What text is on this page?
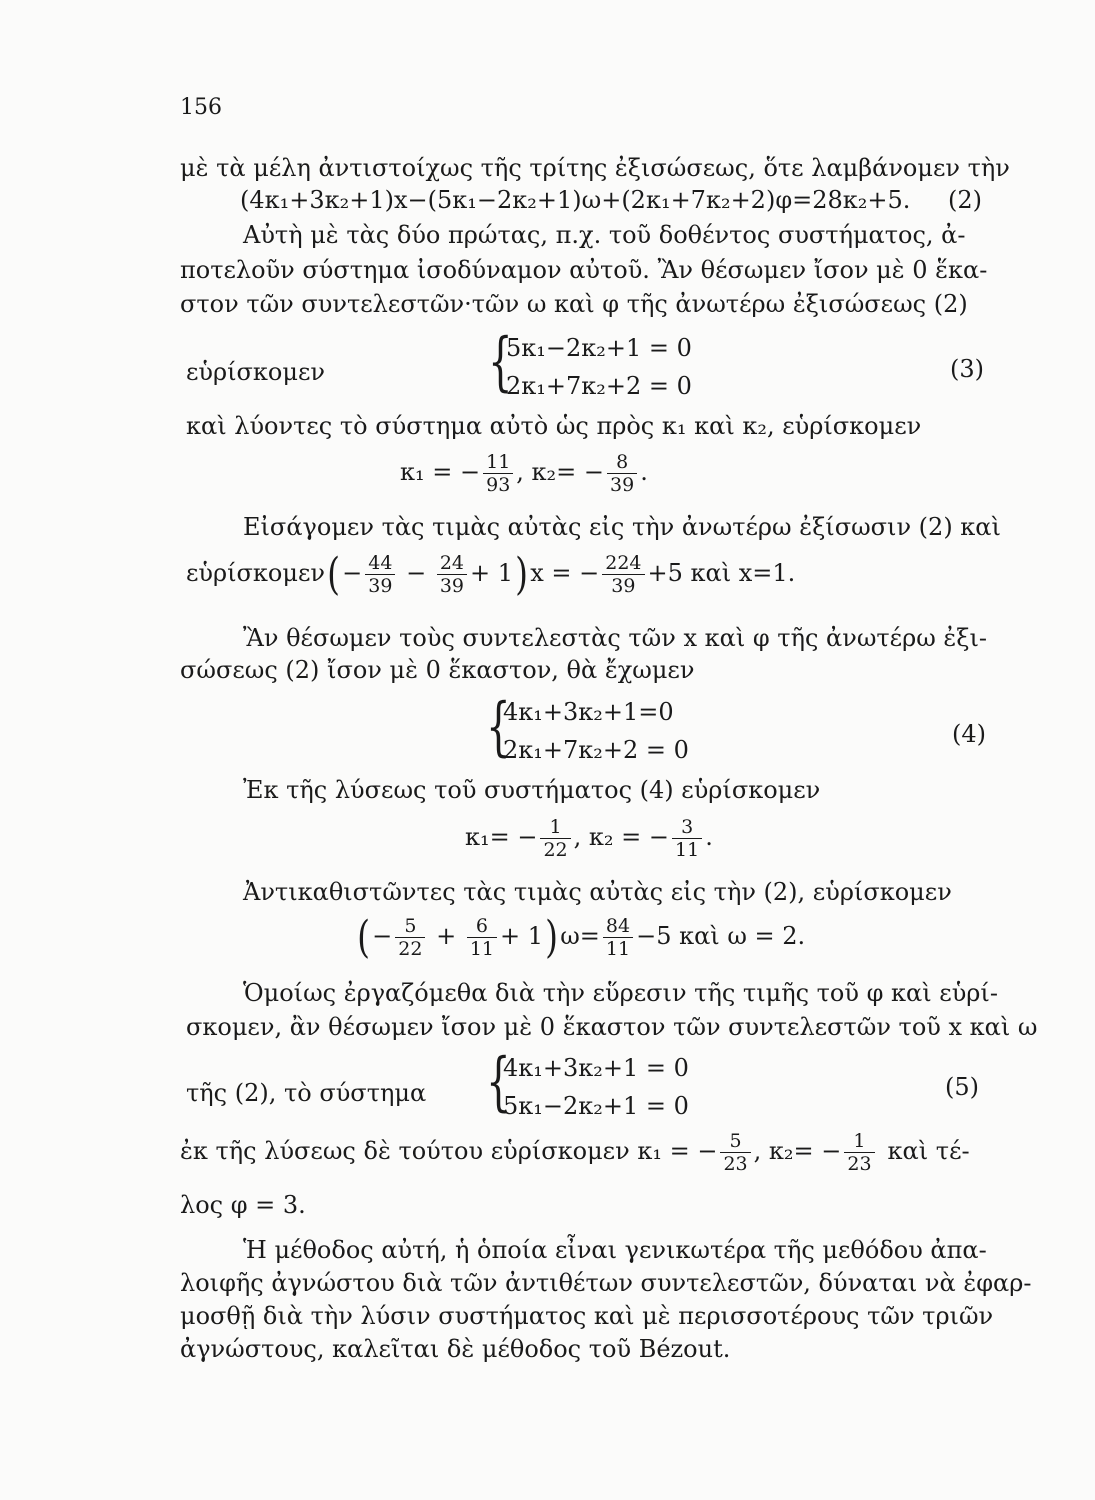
156
μὲ τὰ μέλη ἀντιστοίχως τῆς τρίτης ἐξισώσεως, ὅτε λαμβάνομεν τὴν
(4κ₁+3κ₂+1)x−(5κ₁−2κ₂+1)ω+(2κ₁+7κ₂+2)φ=28κ₂+5. (2)
Αὐτὴ μὲ τὰς δύο πρώτας, π.χ. τοῦ δοθέντος συστήματος, ἀ-
ποτελοῦν σύστημα ἰσοδύναμον αὐτοῦ. Ἂν θέσωμεν ἴσον μὲ 0 ἕκα-
στον τῶν συντελεστῶν·τῶν ω καὶ φ τῆς ἀνωτέρω ἐξισώσεως (2)
εὑρίσκομεν	{
5κ₁−2κ₂+1 = 0
2κ₁+7κ₂+2 = 0
(3)
καὶ λύοντες τὸ σύστημα αὐτὸ ὡς πρὸς κ₁ καὶ κ₂, εὑρίσκομεν
κ₁ = − $\frac{11}{93}$ , $\kappa_2= - \frac{8}{39}$ .
Εἰσάγομεν τὰς τιμὰς αὐτὰς εἰς τὴν ἀνωτέρω ἐξίσωσιν (2) καὶ
εὑρίσκομεν(− $\frac{44}{39} - \frac{24}{39} + 1)x$ = − $\frac{224}{39} +5$ καὶ x=1.
Ἂν θέσωμεν τοὺς συντελεστὰς τῶν x καὶ φ τῆς ἀνωτέρω ἐξι-
σώσεως (2) ἴσον μὲ 0 ἕκαστον, θὰ ἔχωμεν
{
4κ₁+3κ₂+1=0
2κ₁+7κ₂+2 = 0
(4)
Ἐκ τῆς λύσεως τοῦ συστήματος (4) εὑρίσκομεν
$\kappa_1= - \frac{1}{22}$ , κ₂ = − $\frac{3}{11}$ .
Ἀντικαθιστῶντες τὰς τιμὰς αὐτὰς εἰς τὴν (2), εὑρίσκομεν
(− $\frac{5}{22} + \frac{6}{11} + 1)\omega= \frac{84}{11} -5$ καὶ ω = 2.
Ὁμοίως ἐργαζόμεθα διὰ τὴν εὕρεσιν τῆς τιμῆς τοῦ φ καὶ εὑρί-
σκομεν, ἂν θέσωμεν ἴσον μὲ 0 ἕκαστον τῶν συντελεστῶν τοῦ x καὶ ω
τῆς (2), τὸ σύστημα {
4κ₁+3κ₂+1 = 0
5κ₁−2κ₂+1 = 0
(5)
ἐκ τῆς λύσεως δὲ τούτου εὑρίσκομεν κ₁ = − $\frac{5}{23}$ , $\kappa_2= - \frac{1}{23}$ καὶ τέ-
λος φ = 3.
Ἡ μέθοδος αὐτή, ἡ ὁποία εἶναι γενικωτέρα τῆς μεθόδου ἀπα-
λοιφῆς ἀγνώστου διὰ τῶν ἀντιθέτων συντελεστῶν, δύναται νὰ ἐφαρ-
μοσθῇ διὰ τὴν λύσιν συστήματος καὶ μὲ περισσοτέρους τῶν τριῶν
ἀγνώστους, καλεῖται δὲ μέθοδος τοῦ Bézout.
